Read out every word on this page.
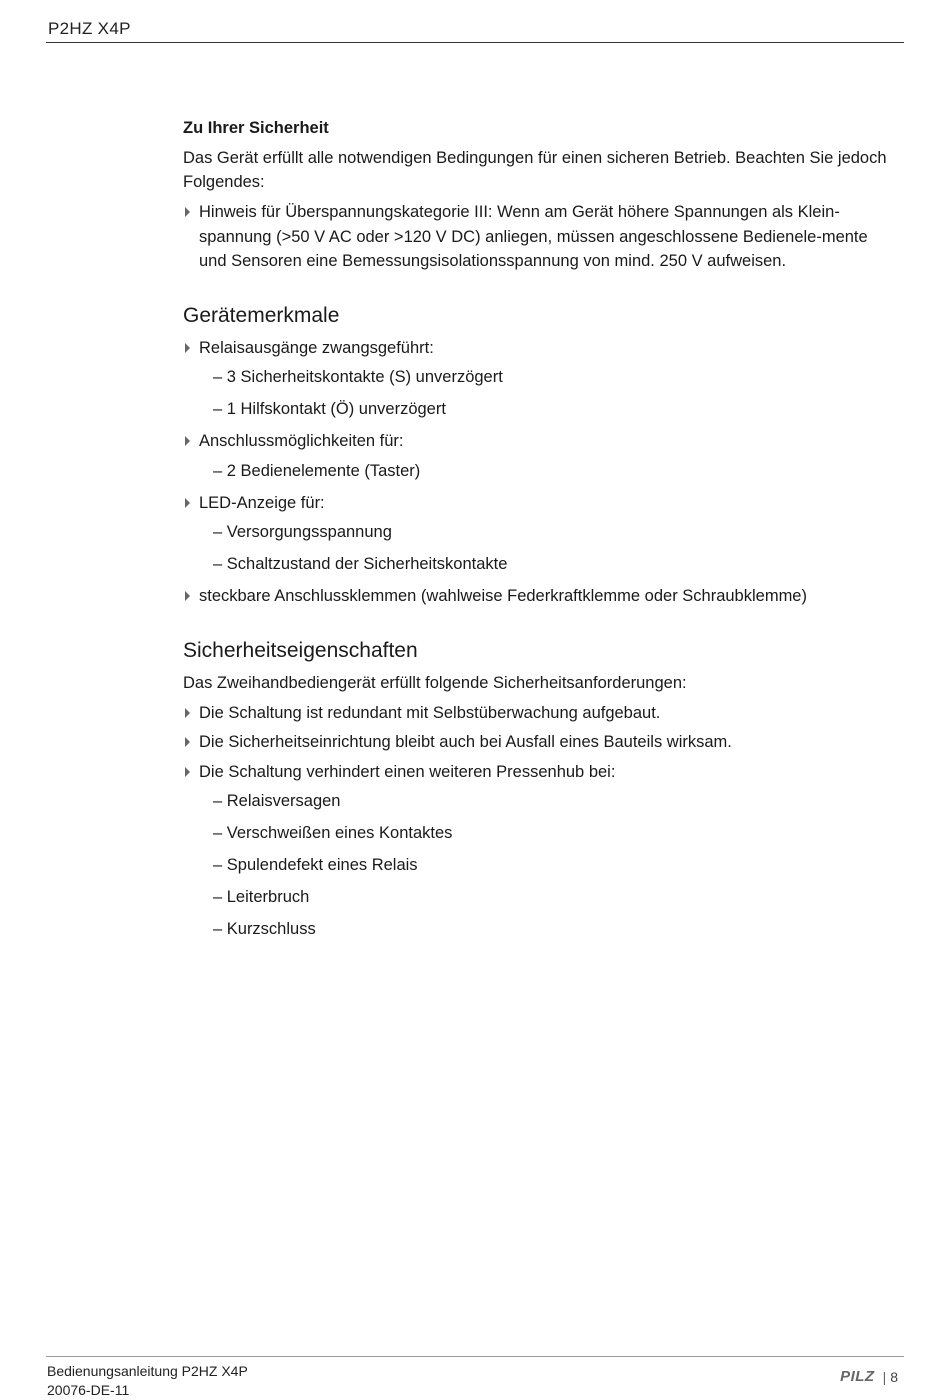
P2HZ X4P
Zu Ihrer Sicherheit
Das Gerät erfüllt alle notwendigen Bedingungen für einen sicheren Betrieb. Beachten Sie jedoch Folgendes:
Hinweis für Überspannungskategorie III: Wenn am Gerät höhere Spannungen als Klein-spannung (>50 V AC oder >120 V DC) anliegen, müssen angeschlossene Bedienele-mente und Sensoren eine Bemessungsisolationsspannung von mind. 250 V aufweisen.
Gerätemerkmale
Relaisausgänge zwangsgeführt:
– 3 Sicherheitskontakte (S) unverzögert
– 1 Hilfskontakt (Ö) unverzögert
Anschlussmöglichkeiten für:
– 2 Bedienelemente (Taster)
LED-Anzeige für:
– Versorgungsspannung
– Schaltzustand der Sicherheitskontakte
steckbare Anschlussklemmen (wahlweise Federkraftklemme oder Schraubklemme)
Sicherheitseigenschaften
Das Zweihandbediengerät erfüllt folgende Sicherheitsanforderungen:
Die Schaltung ist redundant mit Selbstüberwachung aufgebaut.
Die Sicherheitseinrichtung bleibt auch bei Ausfall eines Bauteils wirksam.
Die Schaltung verhindert einen weiteren Pressenhub bei:
– Relaisversagen
– Verschweißen eines Kontaktes
– Spulendefekt eines Relais
– Leiterbruch
– Kurzschluss
Bedienungsanleitung P2HZ X4P
20076-DE-11
PILZ | 8
